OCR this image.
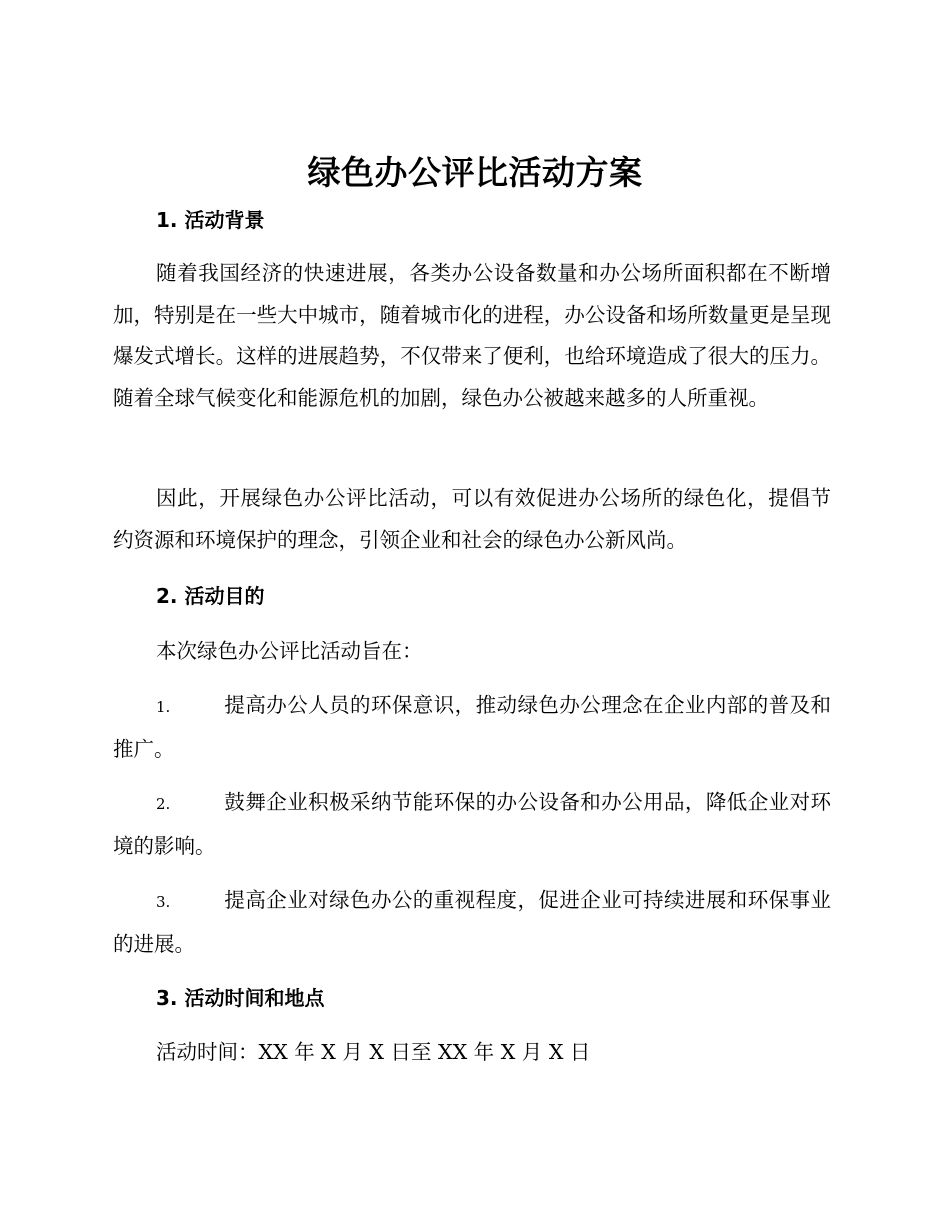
绿色办公评比活动方案
1. 活动背景

随着我国经济的快速进展，各类办公设备数量和办公场所面积都在不断增加，特别是在一些大中城市，随着城市化的进程，办公设备和场所数量更是呈现爆发式增长。这样的进展趋势，不仅带来了便利，也给环境造成了很大的压力。随着全球气候变化和能源危机的加剧，绿色办公被越来越多的人所重视。

因此，开展绿色办公评比活动，可以有效促进办公场所的绿色化，提倡节约资源和环境保护的理念，引领企业和社会的绿色办公新风尚。

2. 活动目的
本次绿色办公评比活动旨在：

1.	提高办公人员的环保意识，推动绿色办公理念在企业内部的普及和推广。

2.	鼓舞企业积极采纳节能环保的办公设备和办公用品，降低企业对环境的影响。

3.	提高企业对绿色办公的重视程度，促进企业可持续进展和环保事业的进展。

3. 活动时间和地点
活动时间：XX 年 X 月 X 日至 XX 年 X 月 X 日
